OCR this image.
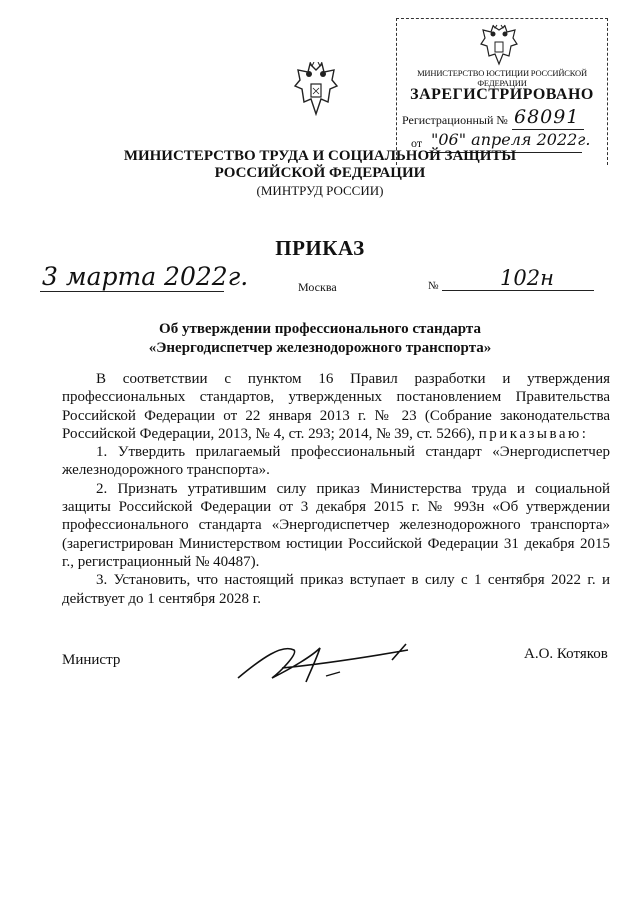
МИНИСТЕРСТВО ЮСТИЦИИ РОССИЙСКОЙ ФЕДЕРАЦИИ
ЗАРЕГИСТРИРОВАНО
Регистрационный № 68091
от "06" апреля 2022г.
МИНИСТЕРСТВО ТРУДА И СОЦИАЛЬНОЙ ЗАЩИТЫ
РОССИЙСКОЙ ФЕДЕРАЦИИ
(МИНТРУД РОССИИ)
ПРИКАЗ
3 марта 2022г.	Москва	№	102н
Об утверждении профессионального стандарта
«Энергодиспетчер железнодорожного транспорта»

В соответствии с пунктом 16 Правил разработки и утверждения профессиональных стандартов, утвержденных постановлением Правительства Российской Федерации от 22 января 2013 г. № 23 (Собрание законодательства Российской Федерации, 2013, № 4, ст. 293; 2014, № 39, ст. 5266), приказываю:

1. Утвердить прилагаемый профессиональный стандарт «Энергодиспетчер железнодорожного транспорта».

2. Признать утратившим силу приказ Министерства труда и социальной защиты Российской Федерации от 3 декабря 2015 г. № 993н «Об утверждении профессионального стандарта «Энергодиспетчер железнодорожного транспорта» (зарегистрирован Министерством юстиции Российской Федерации 31 декабря 2015 г., регистрационный № 40487).

3. Установить, что настоящий приказ вступает в силу с 1 сентября 2022 г. и действует до 1 сентября 2028 г.

Министр	А.О. Котяков
